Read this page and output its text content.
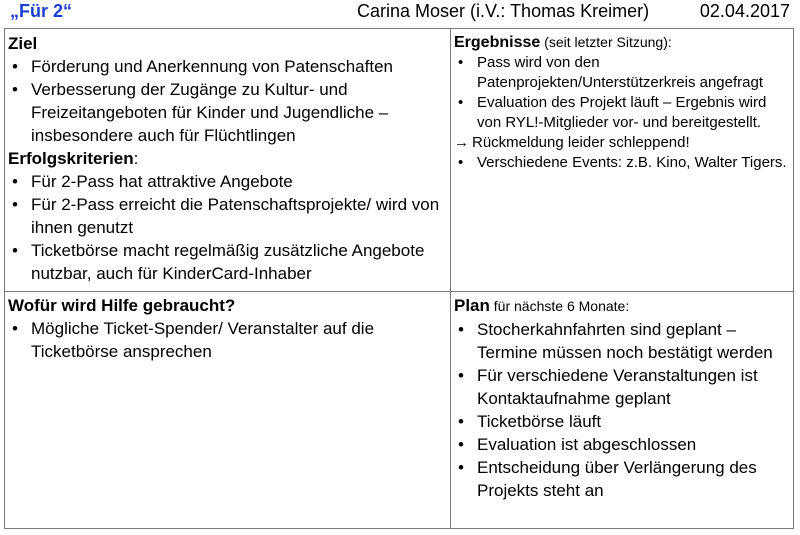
„Für 2“	Carina Moser (i.V.: Thomas Kreimer)	02.04.2017
Ziel
• Förderung und Anerkennung von Patenschaften
• Verbesserung der Zugänge zu Kultur- und Freizeitangeboten für Kinder und Jugendliche – insbesondere auch für Flüchtlingen
Erfolgskriterien:
• Für 2-Pass hat attraktive Angebote
• Für 2-Pass erreicht die Patenschaftsprojekte/ wird von ihnen genutzt
• Ticketbörse macht regelmäßig zusätzliche Angebote nutzbar, auch für KinderCard-Inhaber
Ergebnisse (seit letzter Sitzung):
• Pass wird von den Patenprojekten/Unterstützerkreis angefragt
• Evaluation des Projekt läuft – Ergebnis wird von RYL!-Mitglieder vor- und bereitgestellt.
→ Rückmeldung leider schleppend!
• Verschiedene Events: z.B. Kino, Walter Tigers.
Wofür wird Hilfe gebraucht?
• Mögliche Ticket-Spender/ Veranstalter auf die Ticketbörse ansprechen
Plan für nächste 6 Monate:
• Stocherkahnfahrten sind geplant – Termine müssen noch bestätigt werden
• Für verschiedene Veranstaltungen ist Kontaktaufnahme geplant
• Ticketbörse läuft
• Evaluation ist abgeschlossen
• Entscheidung über Verlängerung des Projekts steht an
